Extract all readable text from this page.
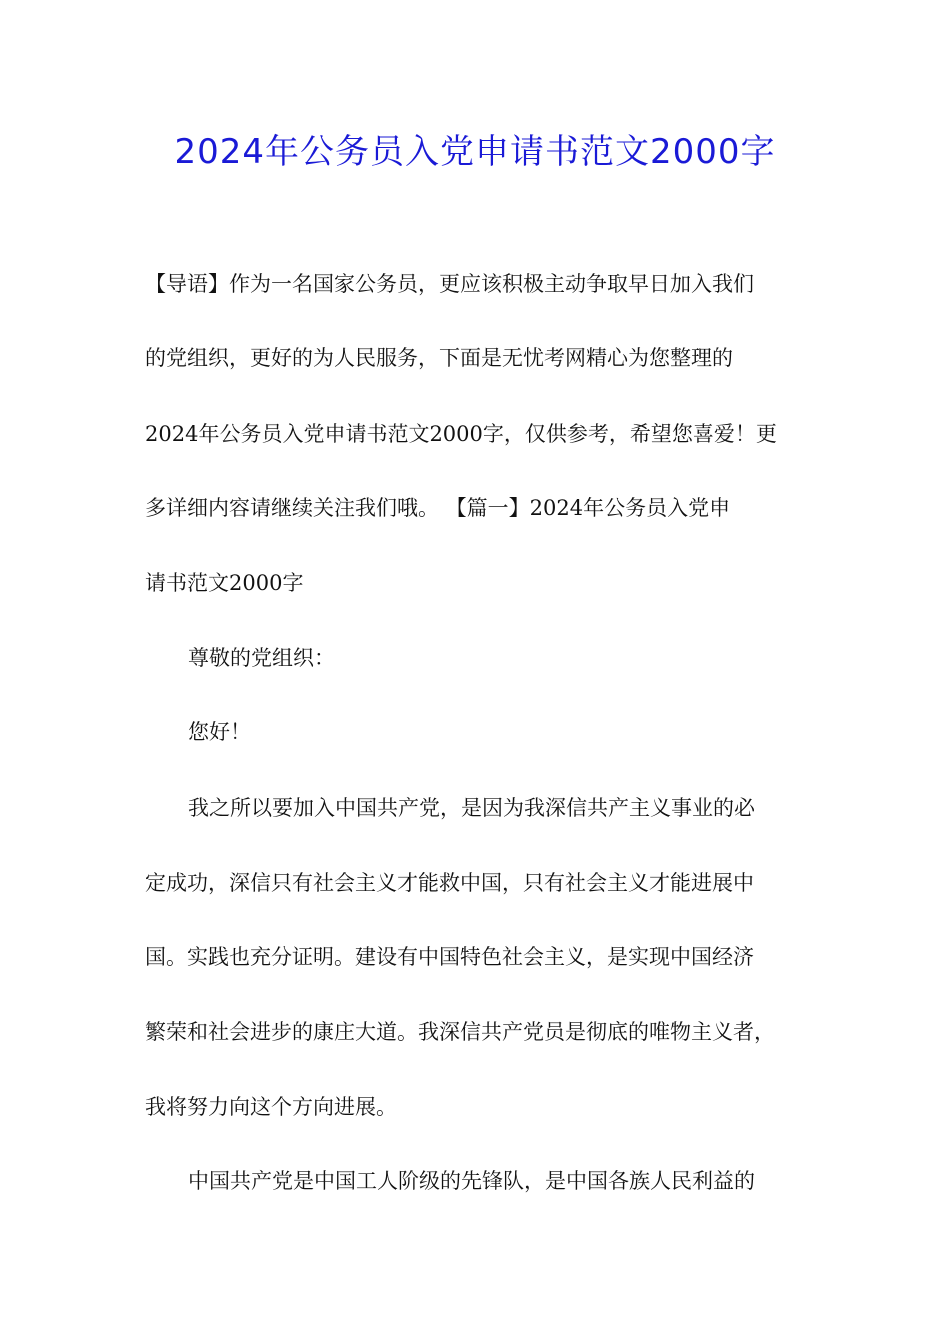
2024年公务员入党申请书范文2000字
【导语】作为一名国家公务员，更应该积极主动争取早日加入我们
的党组织，更好的为人民服务，下面是无忧考网精心为您整理的
2024年公务员入党申请书范文2000字，仅供参考，希望您喜爱！更
多详细内容请继续关注我们哦。 【篇一】2024年公务员入党申
请书范文2000字
尊敬的党组织：
您好！
我之所以要加入中国共产党，是因为我深信共产主义事业的必
定成功，深信只有社会主义才能救中国，只有社会主义才能进展中
国。实践也充分证明。建设有中国特色社会主义，是实现中国经济
繁荣和社会进步的康庄大道。我深信共产党员是彻底的唯物主义者，
我将努力向这个方向进展。
中国共产党是中国工人阶级的先锋队，是中国各族人民利益的
